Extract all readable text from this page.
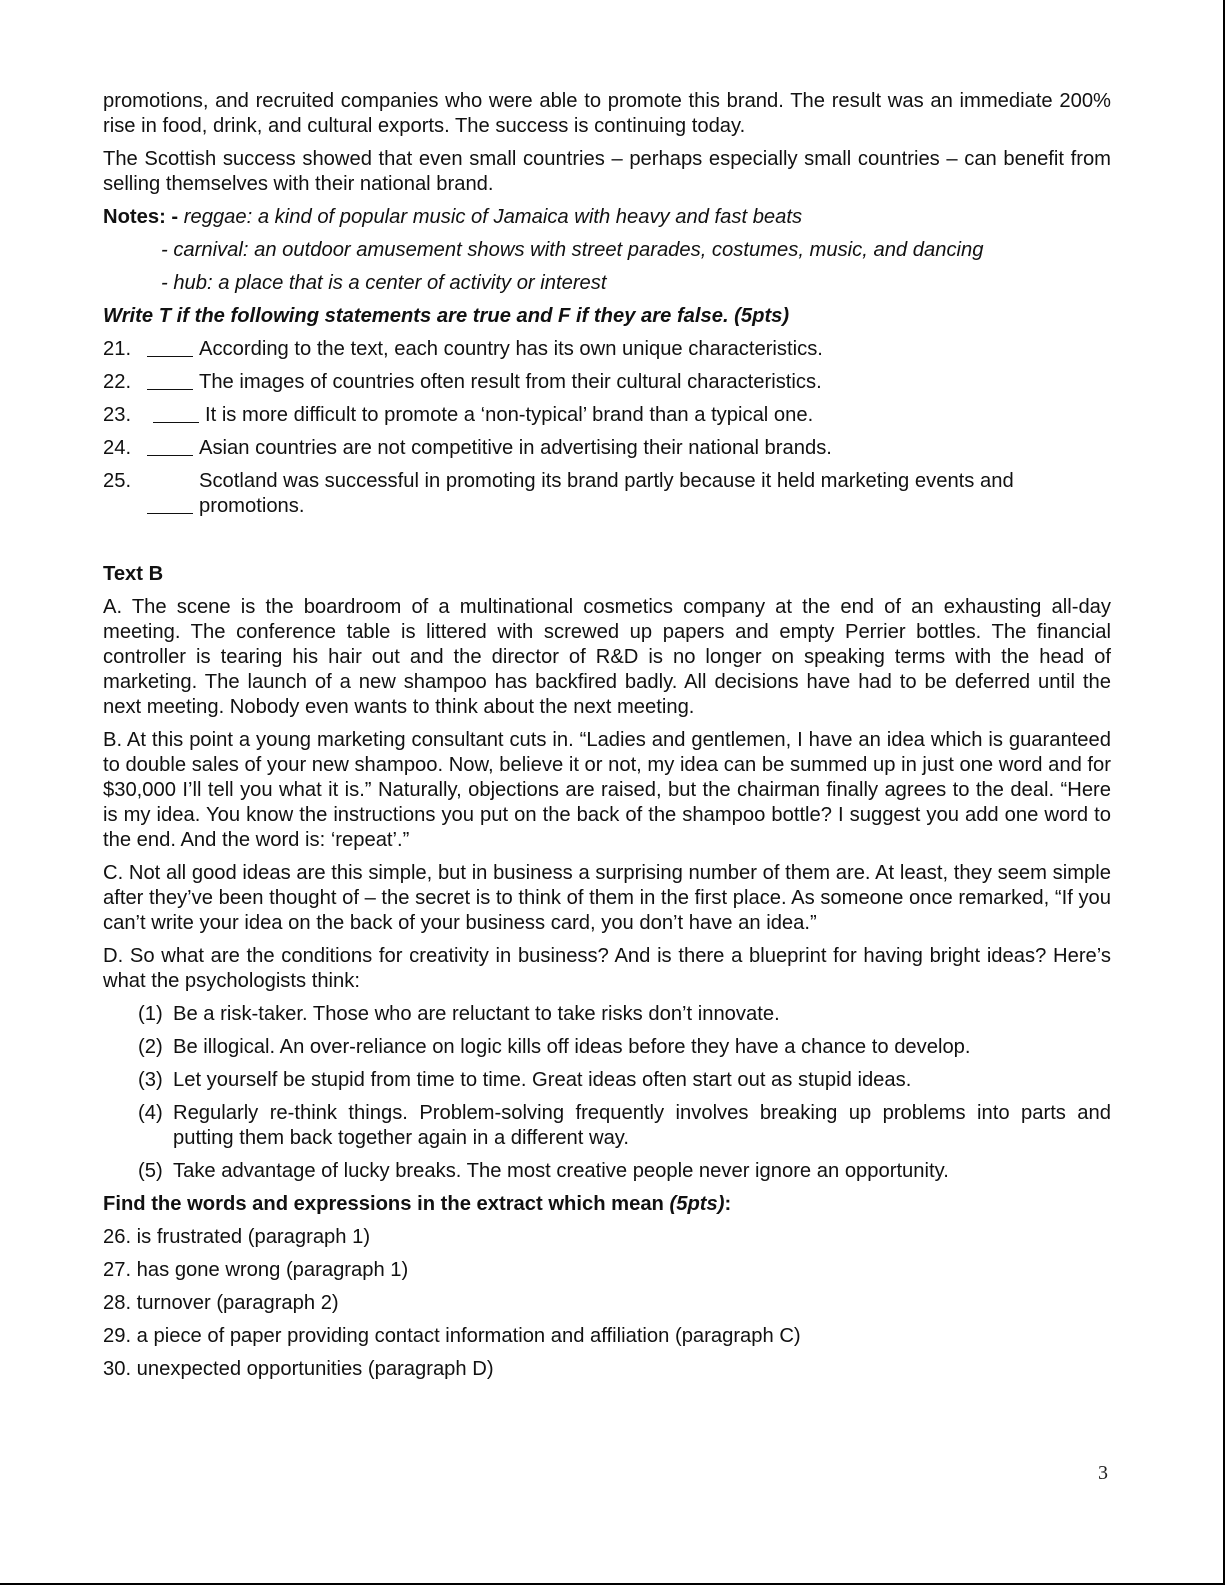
promotions, and recruited companies who were able to promote this brand. The result was an immediate 200% rise in food, drink, and cultural exports. The success is continuing today.

The Scottish success showed that even small countries – perhaps especially small countries – can benefit from selling themselves with their national brand.

Notes: - reggae: a kind of popular music of Jamaica with heavy and fast beats

- carnival: an outdoor amusement shows with street parades, costumes, music, and dancing

- hub: a place that is a center of activity or interest

Write T if the following statements are true and F if they are false. (5pts)

21.	According to the text, each country has its own unique characteristics.
22.	The images of countries often result from their cultural characteristics.
23.	It is more difficult to promote a ‘non-typical’ brand than a typical one.
24.	Asian countries are not competitive in advertising their national brands.
25.	Scotland was successful in promoting its brand partly because it held marketing events and promotions.

Text B

A. The scene is the boardroom of a multinational cosmetics company at the end of an exhausting all-day meeting. The conference table is littered with screwed up papers and empty Perrier bottles. The financial controller is tearing his hair out and the director of R&D is no longer on speaking terms with the head of marketing. The launch of a new shampoo has backfired badly. All decisions have had to be deferred until the next meeting. Nobody even wants to think about the next meeting.

B. At this point a young marketing consultant cuts in. “Ladies and gentlemen, I have an idea which is guaranteed to double sales of your new shampoo. Now, believe it or not, my idea can be summed up in just one word and for $30,000 I’ll tell you what it is.” Naturally, objections are raised, but the chairman finally agrees to the deal. “Here is my idea. You know the instructions you put on the back of the shampoo bottle? I suggest you add one word to the end. And the word is: ‘repeat’.”

C. Not all good ideas are this simple, but in business a surprising number of them are. At least, they seem simple after they’ve been thought of – the secret is to think of them in the first place. As someone once remarked, “If you can’t write your idea on the back of your business card, you don’t have an idea.”

D. So what are the conditions for creativity in business? And is there a blueprint for having bright ideas? Here’s what the psychologists think:

(1) Be a risk-taker. Those who are reluctant to take risks don’t innovate.
(2) Be illogical. An over-reliance on logic kills off ideas before they have a chance to develop.
(3) Let yourself be stupid from time to time. Great ideas often start out as stupid ideas.
(4) Regularly re-think things. Problem-solving frequently involves breaking up problems into parts and putting them back together again in a different way.
(5) Take advantage of lucky breaks. The most creative people never ignore an opportunity.

Find the words and expressions in the extract which mean (5pts):

26. is frustrated (paragraph 1)

27. has gone wrong (paragraph 1)

28. turnover (paragraph 2)

29. a piece of paper providing contact information and affiliation (paragraph C)

30. unexpected opportunities (paragraph D)

3
